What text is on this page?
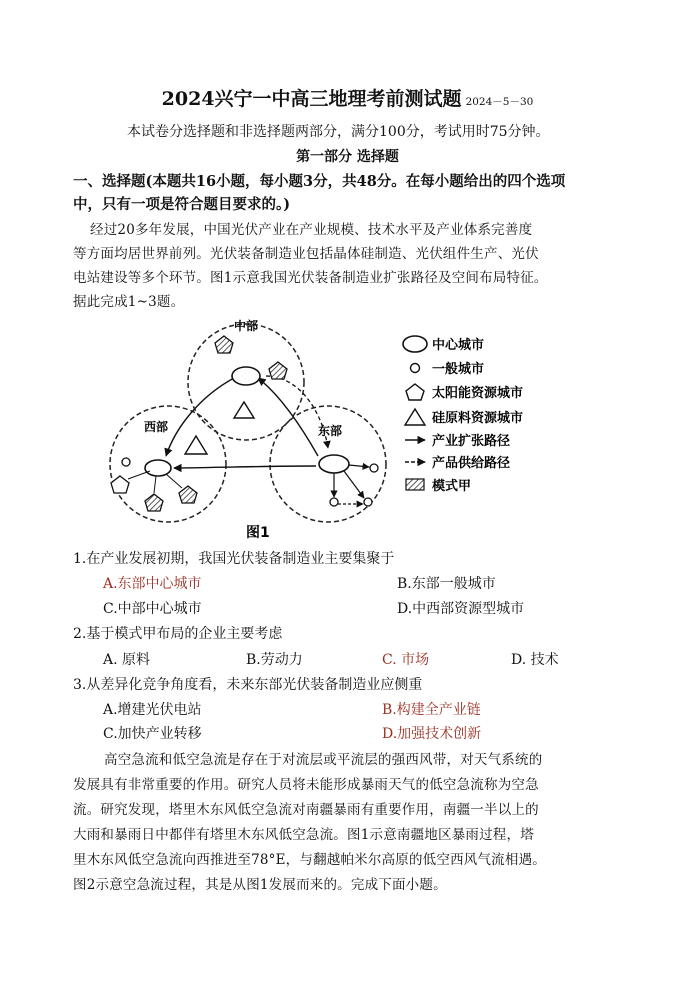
2024兴宁一中高三地理考前测试题 2024－5－30
本试卷分选择题和非选择题两部分，满分100分，考试用时75分钟。
第一部分 选择题
一、选择题(本题共16小题，每小题3分，共48分。在每小题给出的四个选项
中，只有一项是符合题目要求的。)
经过20多年发展，中国光伏产业在产业规模、技术水平及产业体系完善度
等方面均居世界前列。光伏装备制造业包括晶体硅制造、光伏组件生产、光伏
电站建设等多个环节。图1示意我国光伏装备制造业扩张路径及空间布局特征。
据此完成1~3题。
中部
西部	东部
中心城市
一般城市
太阳能资源城市
硅原料资源城市
产业扩张路径
产品供给路径
模式甲
图1
1.在产业发展初期，我国光伏装备制造业主要集聚于
A.东部中心城市	B.东部一般城市
C.中部中心城市	D.中西部资源型城市
2.基于模式甲布局的企业主要考虑
A. 原料	B.劳动力	C. 市场	D. 技术
3.从差异化竞争角度看，未来东部光伏装备制造业应侧重
A.增建光伏电站	B.构建全产业链
C.加快产业转移	D.加强技术创新
高空急流和低空急流是存在于对流层或平流层的强西风带，对天气系统的
发展具有非常重要的作用。研究人员将未能形成暴雨天气的低空急流称为空急
流。研究发现，塔里木东风低空急流对南疆暴雨有重要作用，南疆一半以上的
大雨和暴雨日中都伴有塔里木东风低空急流。图1示意南疆地区暴雨过程，塔
里木东风低空急流向西推进至78°E，与翻越帕米尔高原的低空西风气流相遇。
图2示意空急流过程，其是从图1发展而来的。完成下面小题。
